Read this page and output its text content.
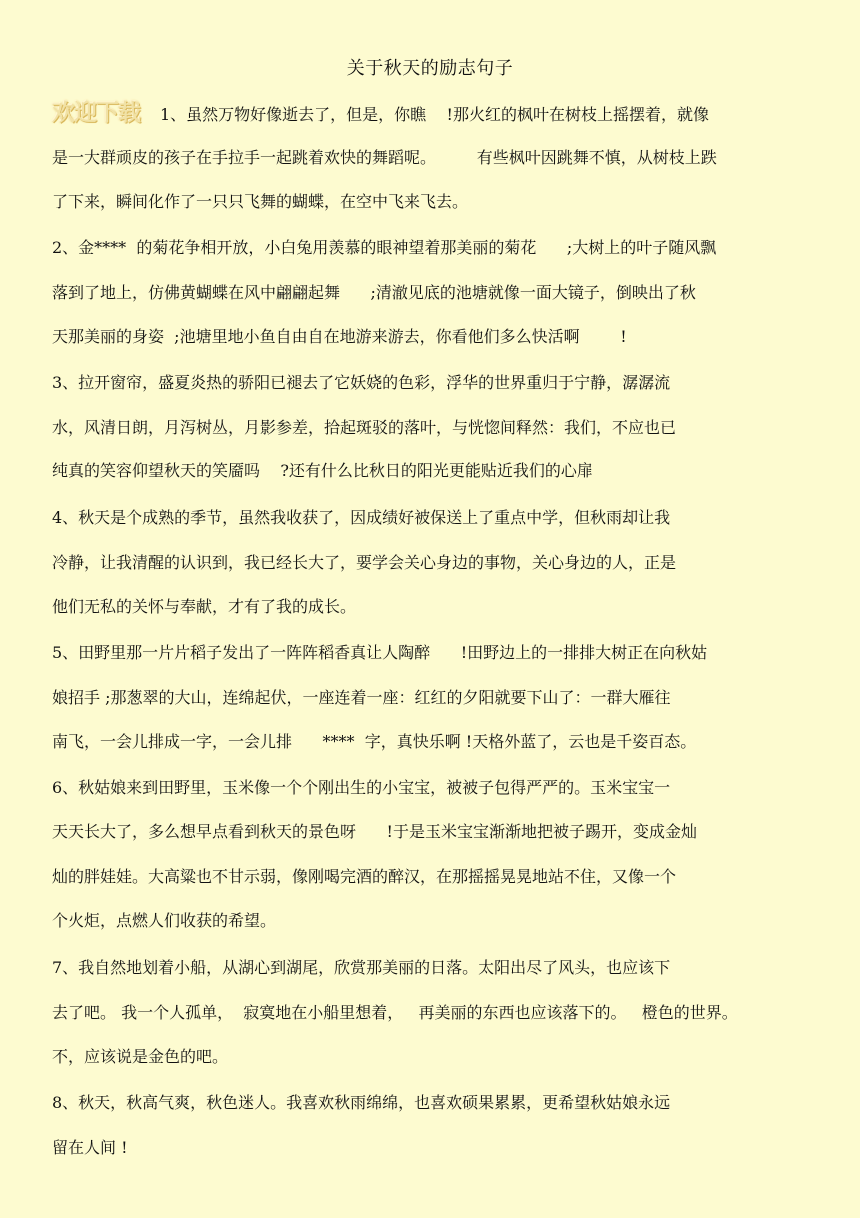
关于秋天的励志句子
欢迎下载 1、虽然万物好像逝去了，但是，你瞧    !那火红的枫叶在树枝上摇摆着，就像
是一大群顽皮的孩子在手拉手一起跳着欢快的舞蹈呢。        有些枫叶因跳舞不慎，从树枝上跌
了下来，瞬间化作了一只只飞舞的蝴蝶，在空中飞来飞去。
2、金****  的菊花争相开放，小白兔用羡慕的眼神望着那美丽的菊花      ;大树上的叶子随风飘
落到了地上，仿佛黄蝴蝶在风中翩翩起舞      ;清澈见底的池塘就像一面大镜子，倒映出了秋
天那美丽的身姿  ;池塘里地小鱼自由自在地游来游去，你看他们多么快活啊        !
3、拉开窗帘，盛夏炎热的骄阳已褪去了它妖娆的色彩，浮华的世界重归于宁静，潺潺流
水，风清日朗，月泻树丛，月影参差，拾起斑驳的落叶，与恍惚间释然：我们，不应也已
纯真的笑容仰望秋天的笑靥吗    ?还有什么比秋日的阳光更能贴近我们的心扉
4、秋天是个成熟的季节，虽然我收获了，因成绩好被保送上了重点中学，但秋雨却让我
冷静，让我清醒的认识到，我已经长大了，要学会关心身边的事物，关心身边的人，正是
他们无私的关怀与奉献，才有了我的成长。
5、田野里那一片片稻子发出了一阵阵稻香真让人陶醉      !田野边上的一排排大树正在向秋姑
娘招手 ;那葱翠的大山，连绵起伏，一座连着一座：红红的夕阳就要下山了：一群大雁往
南飞，一会儿排成一字，一会儿排      ****  字，真快乐啊 !天格外蓝了，云也是千姿百态。
6、秋姑娘来到田野里，玉米像一个个刚出生的小宝宝，被被子包得严严的。玉米宝宝一
天天长大了，多么想早点看到秋天的景色呀      !于是玉米宝宝渐渐地把被子踢开，变成金灿
灿的胖娃娃。大高粱也不甘示弱，像刚喝完酒的醉汉，在那摇摇晃晃地站不住，又像一个
个火炬，点燃人们收获的希望。
7、我自然地划着小船，从湖心到湖尾，欣赏那美丽的日落。太阳出尽了风头，也应该下
去了吧。 我一个人孤单，  寂寞地在小船里想着，   再美丽的东西也应该落下的。   橙色的世界。
不，应该说是金色的吧。
8、秋天，秋高气爽，秋色迷人。我喜欢秋雨绵绵，也喜欢硕果累累，更希望秋姑娘永远
留在人间 !
